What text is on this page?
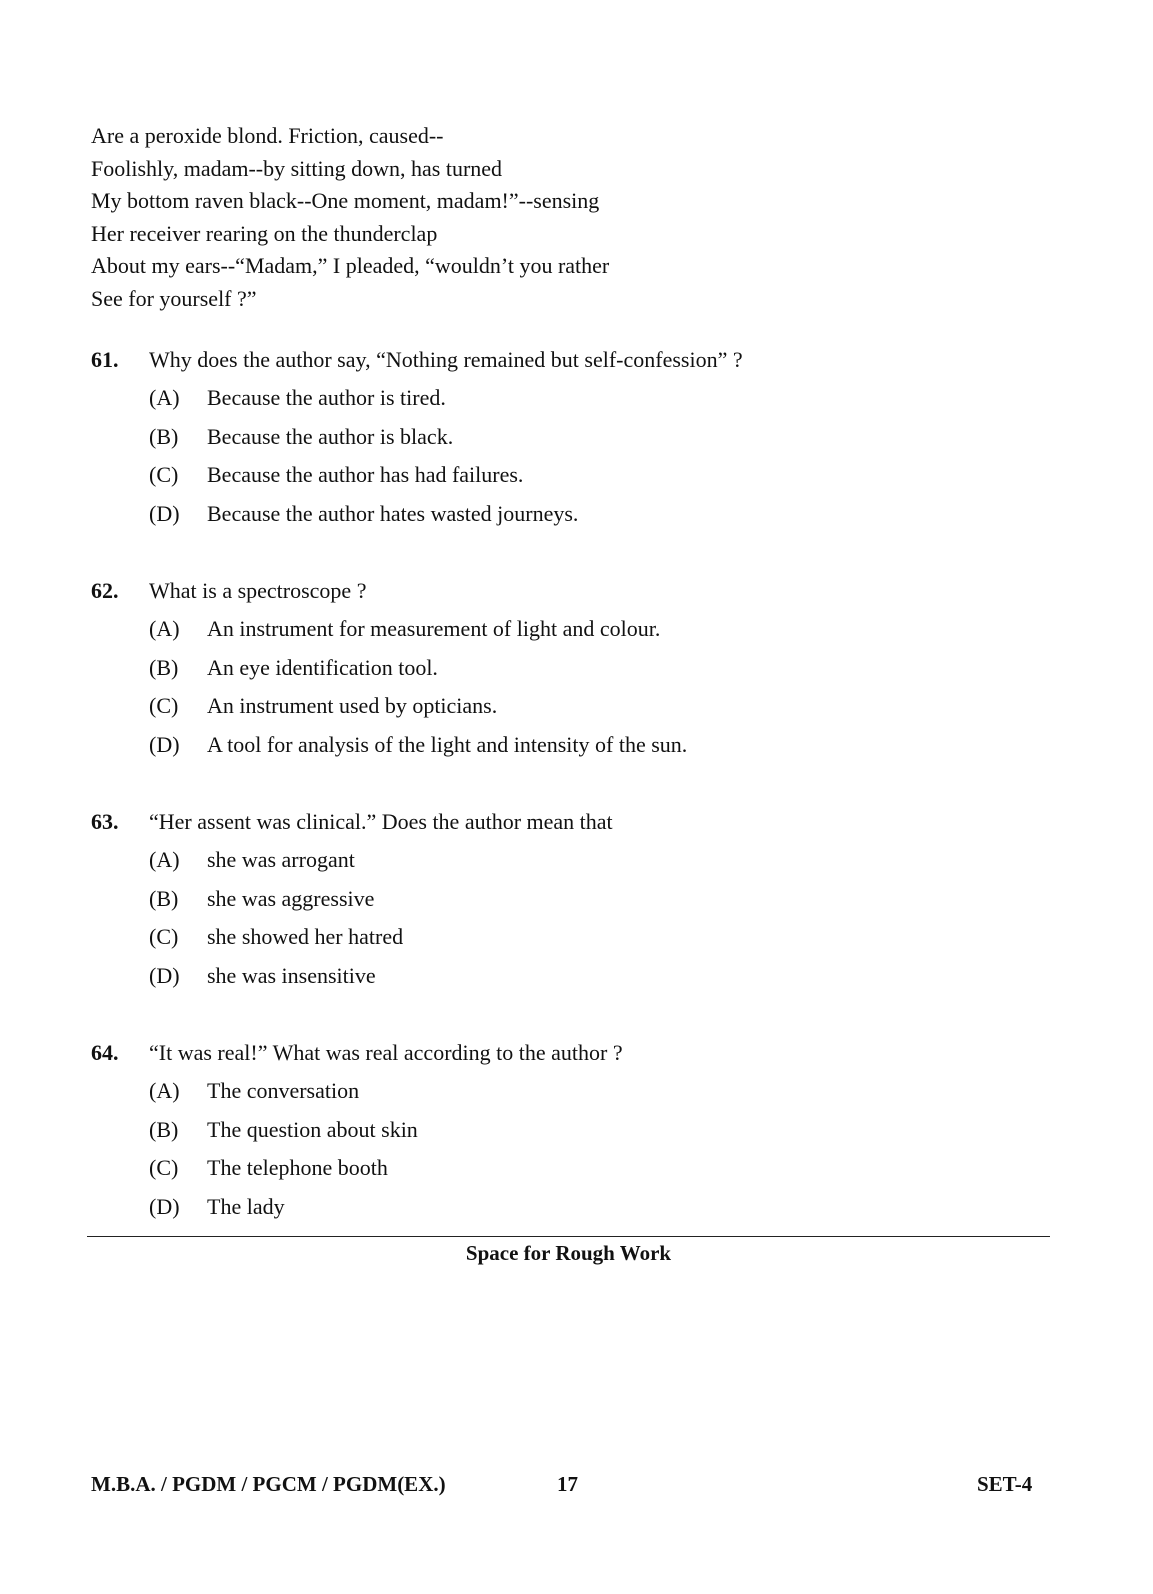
Are a peroxide blond. Friction, caused--
Foolishly, madam--by sitting down, has turned
My bottom raven black--One moment, madam!”--sensing
Her receiver rearing on the thunderclap
About my ears--“Madam,” I pleaded, “wouldn’t you rather
See for yourself ?”
61. Why does the author say, “Nothing remained but self-confession” ?
(A) Because the author is tired.
(B) Because the author is black.
(C) Because the author has had failures.
(D) Because the author hates wasted journeys.
62. What is a spectroscope ?
(A) An instrument for measurement of light and colour.
(B) An eye identification tool.
(C) An instrument used by opticians.
(D) A tool for analysis of the light and intensity of the sun.
63. “Her assent was clinical.” Does the author mean that
(A) she was arrogant
(B) she was aggressive
(C) she showed her hatred
(D) she was insensitive
64. “It was real!” What was real according to the author ?
(A) The conversation
(B) The question about skin
(C) The telephone booth
(D) The lady
Space for Rough Work
M.B.A. / PGDM / PGCM / PGDM(EX.)	17	SET-4
